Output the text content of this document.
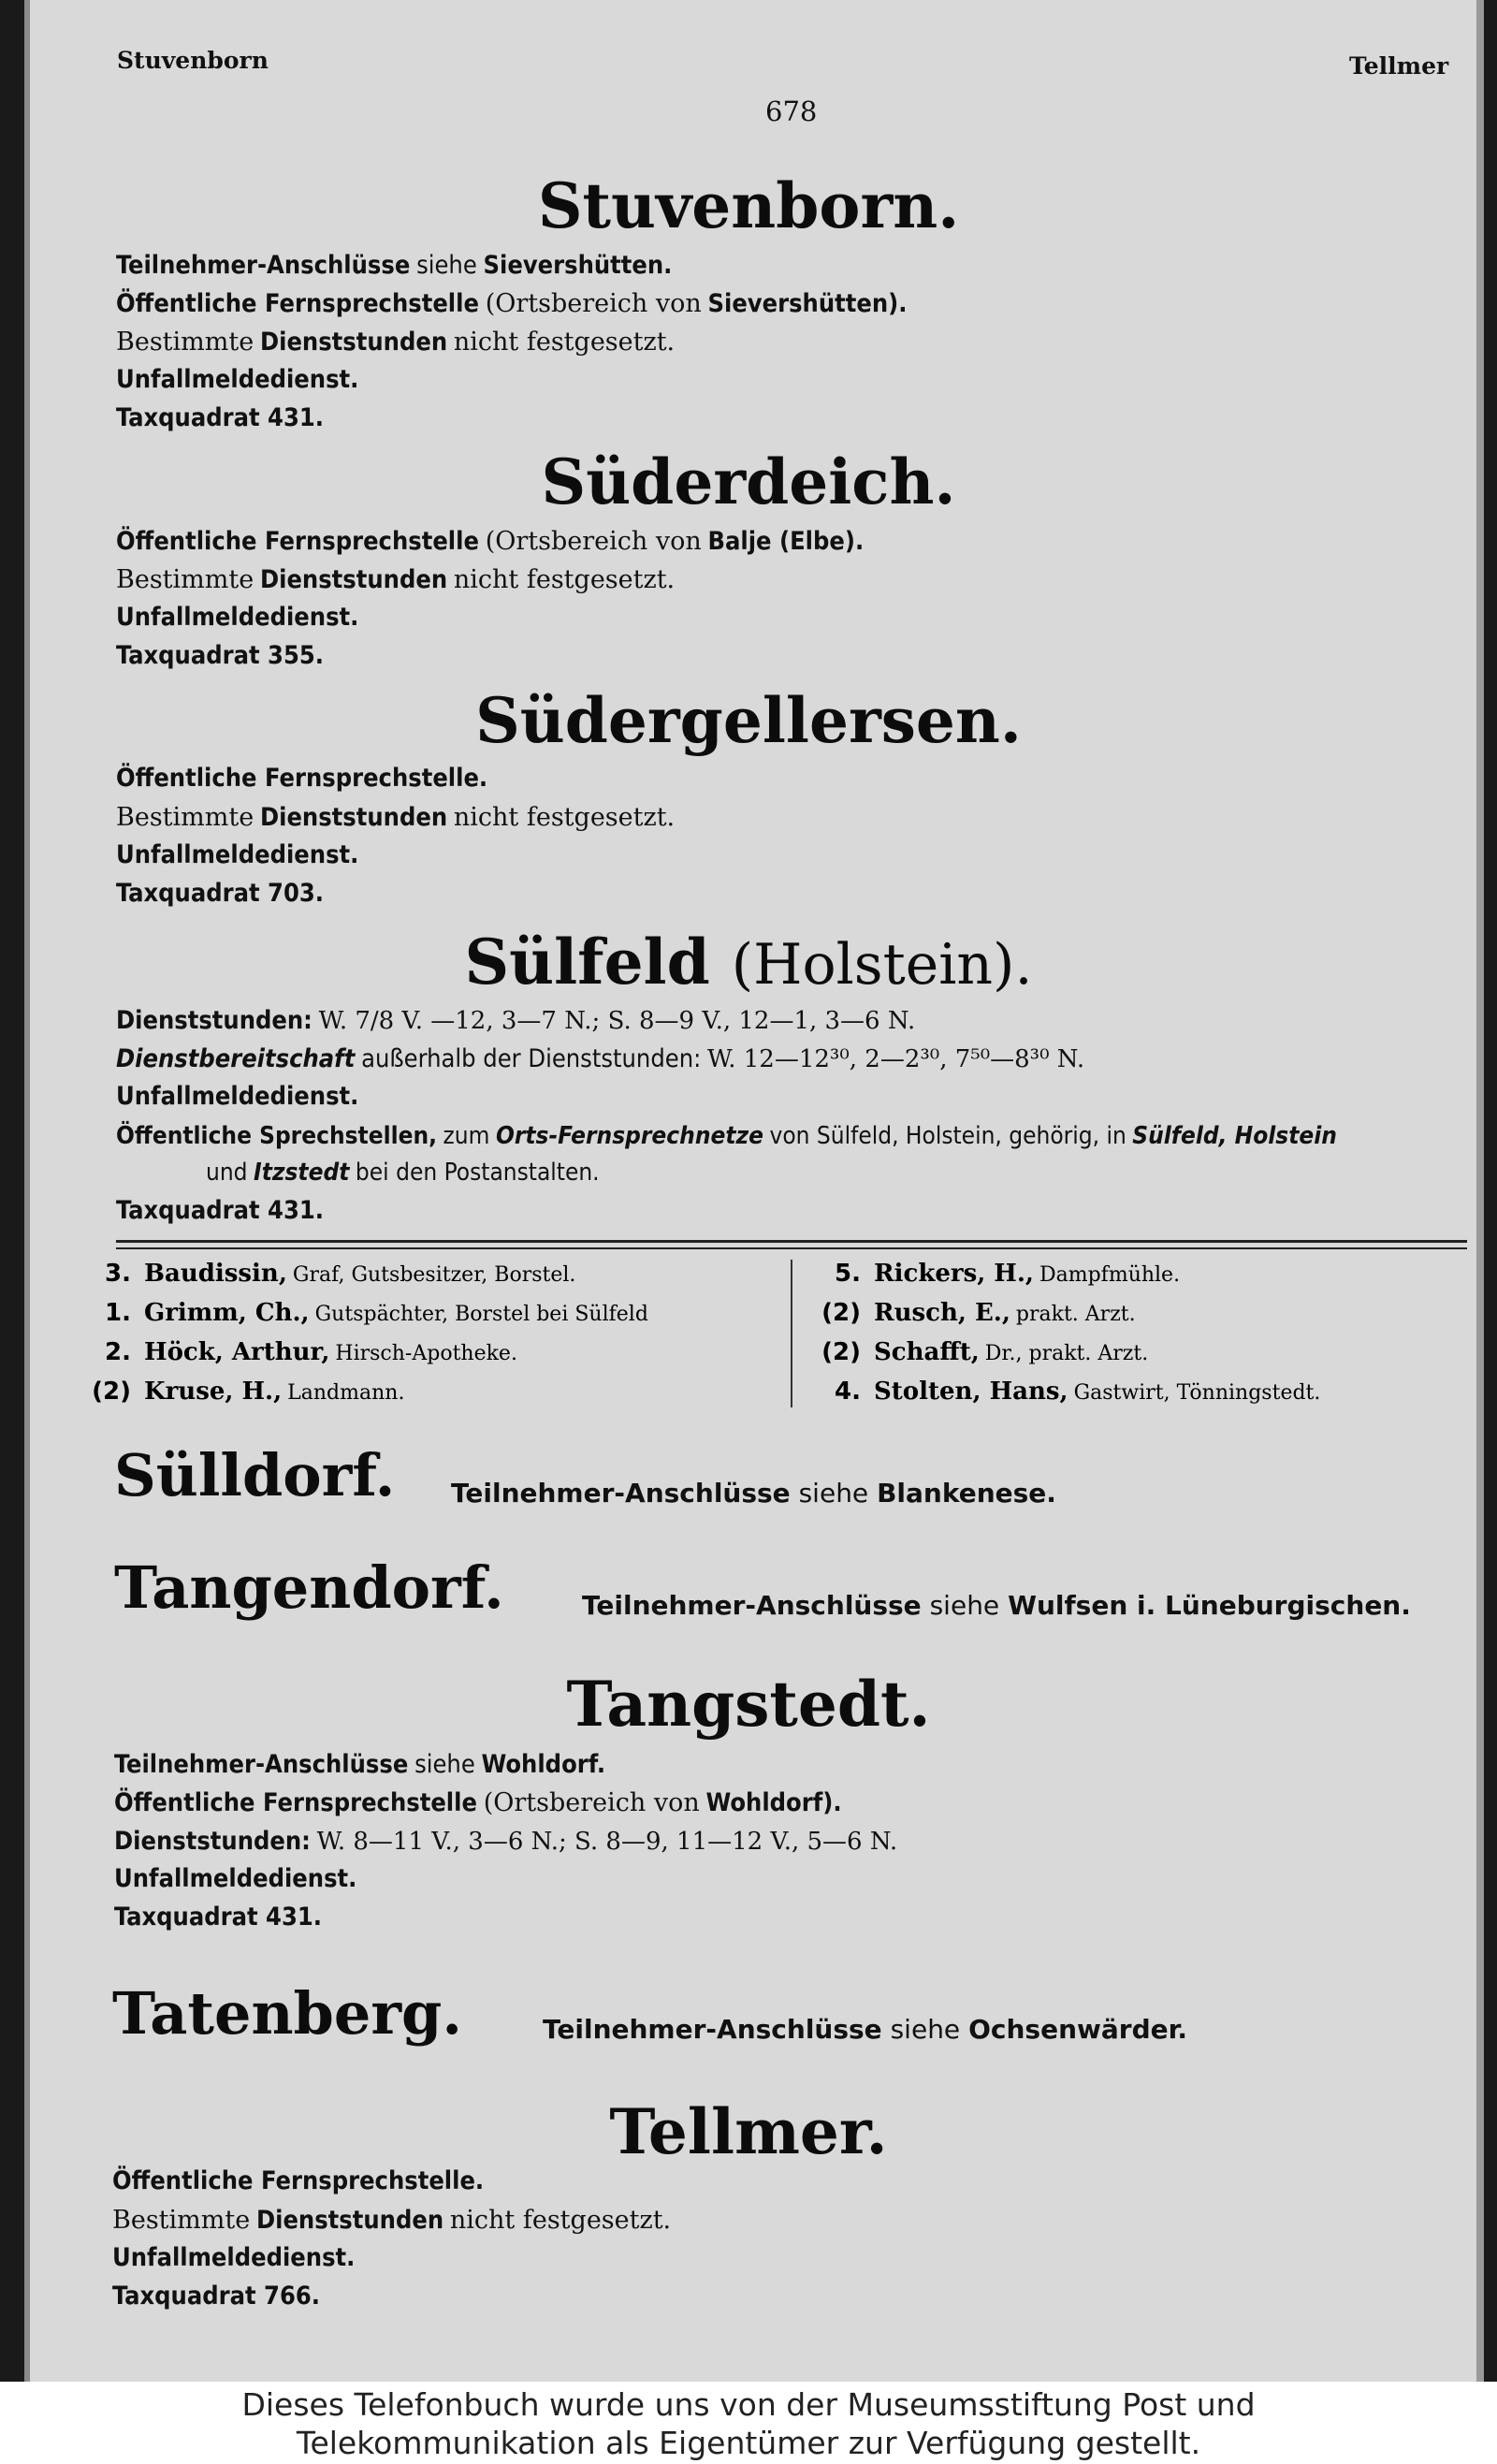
Stuvenborn	Tellmer
678
Stuvenborn.
Teilnehmer-Anschlüsse siehe Sievershütten.
Öffentliche Fernsprechstelle (Ortsbereich von Sievershütten).
Bestimmte Dienststunden nicht festgesetzt.
Unfallmeldedienst.
Taxquadrat 431.
Süderdeich.
Öffentliche Fernsprechstelle (Ortsbereich von Balje (Elbe).
Bestimmte Dienststunden nicht festgesetzt.
Unfallmeldedienst.
Taxquadrat 355.
Südergellersen.
Öffentliche Fernsprechstelle.
Bestimmte Dienststunden nicht festgesetzt.
Unfallmeldedienst.
Taxquadrat 703.
Sülfeld (Holstein).
Dienststunden: W. 7/8 V. —12, 3—7 N.; S. 8—9 V., 12—1, 3—6 N.
Dienstbereitschaft außerhalb der Dienststunden: W. 12—12³⁰, 2—2³⁰, 7⁵⁰—8³⁰ N.
Unfallmeldedienst.
Öffentliche Sprechstellen, zum Orts-Fernsprechnetze von Sülfeld, Holstein, gehörig, in Sülfeld, Holstein
und Itzstedt bei den Postanstalten.
Taxquadrat 431.
3. Baudissin, Graf, Gutsbesitzer, Borstel.
1. Grimm, Ch., Gutspächter, Borstel bei Sülfeld
2. Höck, Arthur, Hirsch-Apotheke.
(2) Kruse, H., Landmann.
5. Rickers, H., Dampfmühle.
(2) Rusch, E., prakt. Arzt.
(2) Schafft, Dr., prakt. Arzt.
4. Stolten, Hans, Gastwirt, Tönningstedt.
Sülldorf. Teilnehmer-Anschlüsse siehe Blankenese.
Tangendorf.	Teilnehmer-Anschlüsse siehe Wulfsen i. Lüneburgischen.
Tangstedt.
Teilnehmer-Anschlüsse siehe Wohldorf.
Öffentliche Fernsprechstelle (Ortsbereich von Wohldorf).
Dienststunden: W. 8—11 V., 3—6 N.; S. 8—9, 11—12 V., 5—6 N.
Unfallmeldedienst.
Taxquadrat 431.
Tatenberg.	Teilnehmer-Anschlüsse siehe Ochsenwärder.
Tellmer.
Öffentliche Fernsprechstelle.
Bestimmte Dienststunden nicht festgesetzt.
Unfallmeldedienst.
Taxquadrat 766.
Dieses Telefonbuch wurde uns von der Museumsstiftung Post und
Telekommunikation als Eigentümer zur Verfügung gestellt.
